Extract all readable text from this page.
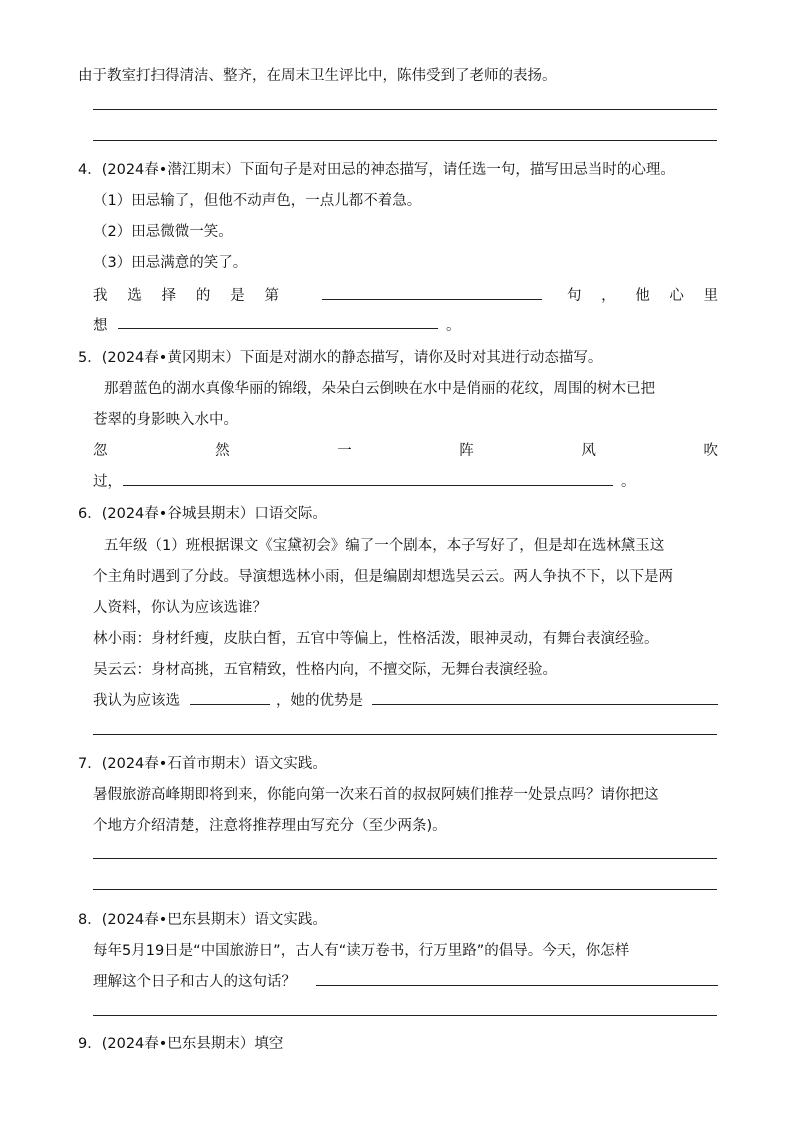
由于教室打扫得清洁、整齐，在周末卫生评比中，陈伟受到了老师的表扬。
4．(2024春•潜江期末）下面句子是对田忌的神态描写，请任选一句，描写田忌当时的心理。
（1）田忌输了，但他不动声色，一点儿都不着急。
（2）田忌微微一笑。
（3）田忌满意的笑了。
我 选 择 的 是 第	句 ， 他 心 里
想	。
5．(2024春•黄冈期末）下面是对湖水的静态描写，请你及时对其进行动态描写。
那碧蓝色的湖水真像华丽的锦缎，朵朵白云倒映在水中是俏丽的花纹，周围的树木已把
苍翠的身影映入水中。
忽	然	一	阵	风	吹
过，	。
6．(2024春•谷城县期末）口语交际。
五年级（1）班根据课文《宝黛初会》编了一个剧本，本子写好了，但是却在选林黛玉这
个主角时遇到了分歧。导演想选林小雨，但是编剧却想选吴云云。两人争执不下，以下是两
人资料，你认为应该选谁？
林小雨：身材纤瘦，皮肤白皙，五官中等偏上，性格活泼，眼神灵动，有舞台表演经验。
吴云云：身材高挑，五官精致，性格内向，不擅交际，无舞台表演经验。
我认为应该选	，她的优势是
7．(2024春•石首市期末）语文实践。
暑假旅游高峰期即将到来，你能向第一次来石首的叔叔阿姨们推荐一处景点吗？请你把这
个地方介绍清楚，注意将推荐理由写充分（至少两条)。
8．(2024春•巴东县期末）语文实践。
每年5月19日是“中国旅游日”，古人有“读万卷书，行万里路”的倡导。今天，你怎样
理解这个日子和古人的这句话？
9．(2024春•巴东县期末）填空
